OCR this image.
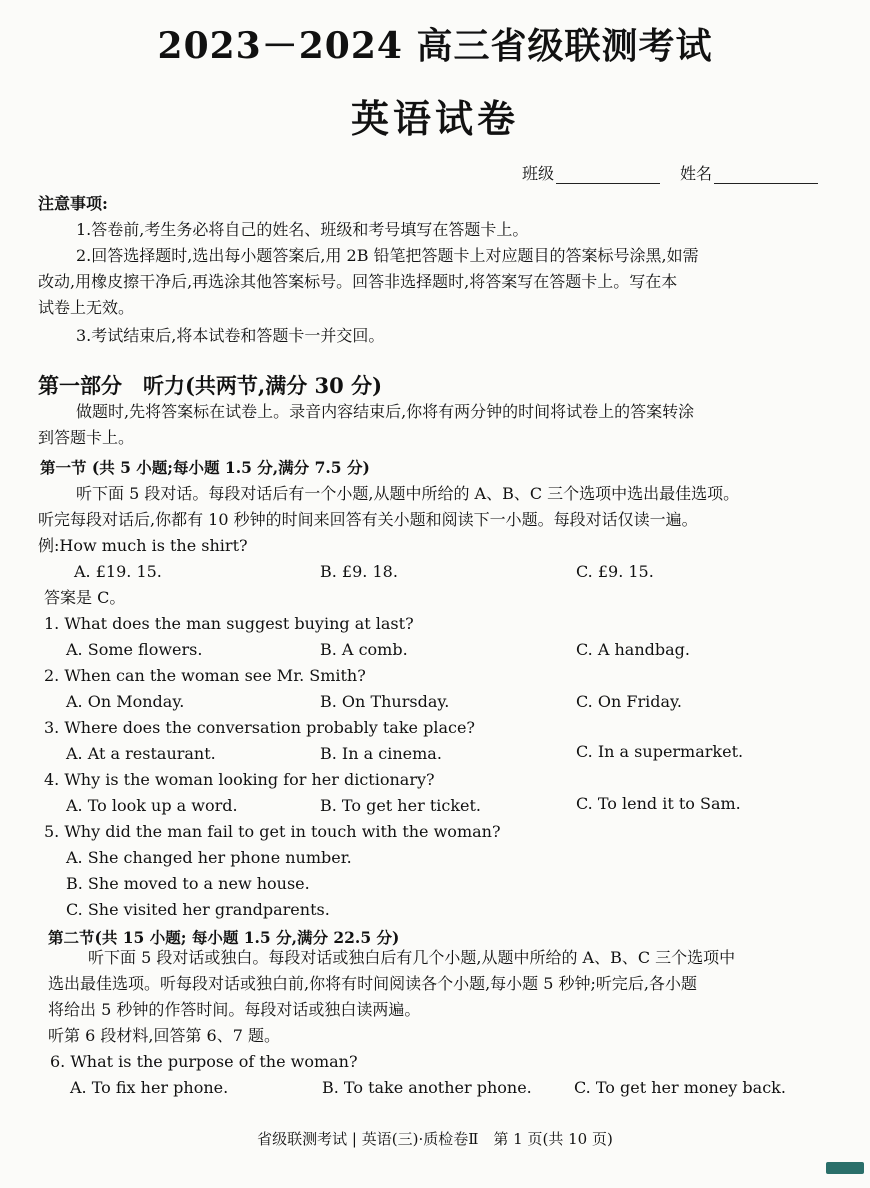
2023－2024 高三省级联测考试
英语试卷
班级	姓名
注意事项:
1.答卷前,考生务必将自己的姓名、班级和考号填写在答题卡上。
2.回答选择题时,选出每小题答案后,用 2B 铅笔把答题卡上对应题目的答案标号涂黑,如需
改动,用橡皮擦干净后,再选涂其他答案标号。回答非选择题时,将答案写在答题卡上。写在本
试卷上无效。
3.考试结束后,将本试卷和答题卡一并交回。
第一部分　听力(共两节,满分 30 分)
做题时,先将答案标在试卷上。录音内容结束后,你将有两分钟的时间将试卷上的答案转涂
到答题卡上。
第一节 (共 5 小题;每小题 1.5 分,满分 7.5 分)
听下面 5 段对话。每段对话后有一个小题,从题中所给的 A、B、C 三个选项中选出最佳选项。
听完每段对话后,你都有 10 秒钟的时间来回答有关小题和阅读下一小题。每段对话仅读一遍。
例:How much is the shirt?
A. £19. 15.	B. £9. 18.	C. £9. 15.
答案是 C。
1. What does the man suggest buying at last?
A. Some flowers.	B. A comb.	C. A handbag.
2. When can the woman see Mr. Smith?
A. On Monday.	B. On Thursday.	C. On Friday.
3. Where does the conversation probably take place?
A. At a restaurant.	B. In a cinema.	C. In a supermarket.
4. Why is the woman looking for her dictionary?
A. To look up a word.	B. To get her ticket.	C. To lend it to Sam.
5. Why did the man fail to get in touch with the woman?
A. She changed her phone number.
B. She moved to a new house.
C. She visited her grandparents.
第二节(共 15 小题; 每小题 1.5 分,满分 22.5 分)
听下面 5 段对话或独白。每段对话或独白后有几个小题,从题中所给的 A、B、C 三个选项中
选出最佳选项。听每段对话或独白前,你将有时间阅读各个小题,每小题 5 秒钟;听完后,各小题
将给出 5 秒钟的作答时间。每段对话或独白读两遍。
听第 6 段材料,回答第 6、7 题。
6. What is the purpose of the woman?
A. To fix her phone.	B. To take another phone.	C. To get her money back.
省级联测考试 | 英语(三)·质检卷Ⅱ　第 1 页(共 10 页)
